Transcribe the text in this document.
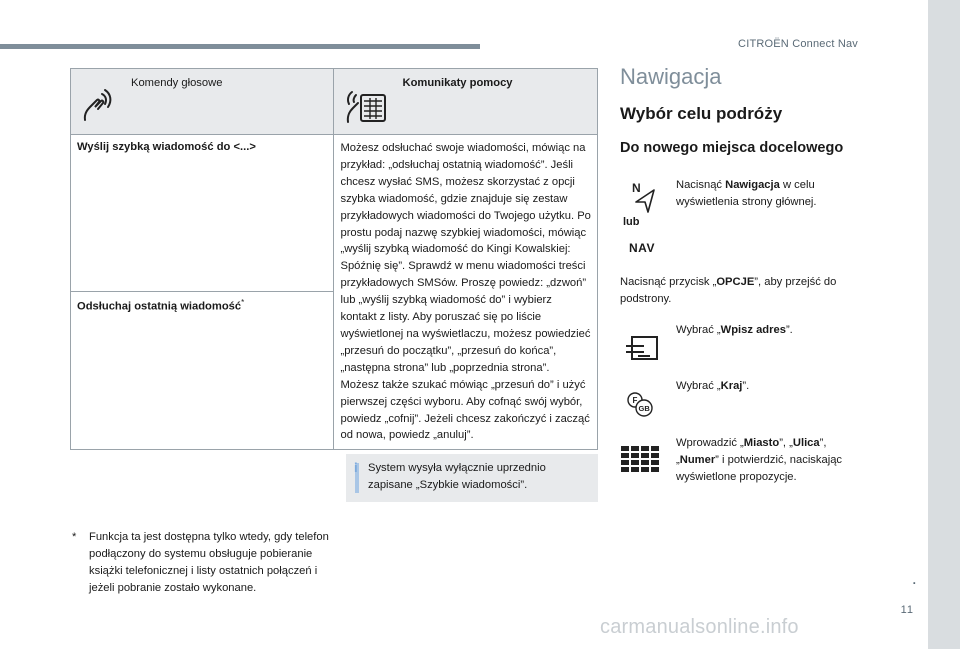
CITROËN Connect Nav
Komendy głosowe	Komunikaty pomocy

Wyślij szybką wiadomość do <...>	Możesz odsłuchać swoje wiadomości, mówiąc na przykład: „odsłuchaj ostatnią wiadomość”. Jeśli chcesz wysłać SMS, możesz skorzystać z opcji szybka wiadomość, gdzie znajduje się zestaw przykładowych wiadomości do Twojego użytku. Po prostu podaj nazwę szybkiej wiadomości, mówiąc „wyślij szybką wiadomość do Kingi Kowalskiej: Spóźnię się”. Sprawdź w menu wiadomości treści przykładowych SMSów. Proszę powiedz: „dzwoń” lub „wyślij szybką wiadomość do” i wybierz kontakt z listy. Aby poruszać się po liście wyświetlonej na wyświetlaczu, możesz powiedzieć „przesuń do początku”, „przesuń do końca”, „następna strona” lub „poprzednia strona”. Możesz także szukać mówiąc „przesuń do” i użyć pierwszej części wyboru. Aby cofnąć swój wybór, powiedz „cofnij”. Jeżeli chcesz zakończyć i zacząć od nowa, powiedz „anuluj”.
Odsłuchaj ostatnią wiadomość*
i System wysyła wyłącznie uprzednio zapisane „Szybkie wiadomości”.
*	Funkcja ta jest dostępna tylko wtedy, gdy telefon podłączony do systemu obsługuje pobieranie książki telefonicznej i listy ostatnich połączeń i jeżeli pobranie zostało wykonane.
Nawigacja
Wybór celu podróży
Do nowego miejsca docelowego
N
lub
NAV
Nacisnąć Nawigacja w celu wyświetlenia strony głównej.
Nacisnąć przycisk „OPCJE”, aby przejść do podstrony.
Wybrać „Wpisz adres”.
F
GB
Wybrać „Kraj”.
Wprowadzić „Miasto”, „Ulica”, „Numer” i potwierdzić, naciskając wyświetlone propozycje.
.
11
carmanualsonline.info
